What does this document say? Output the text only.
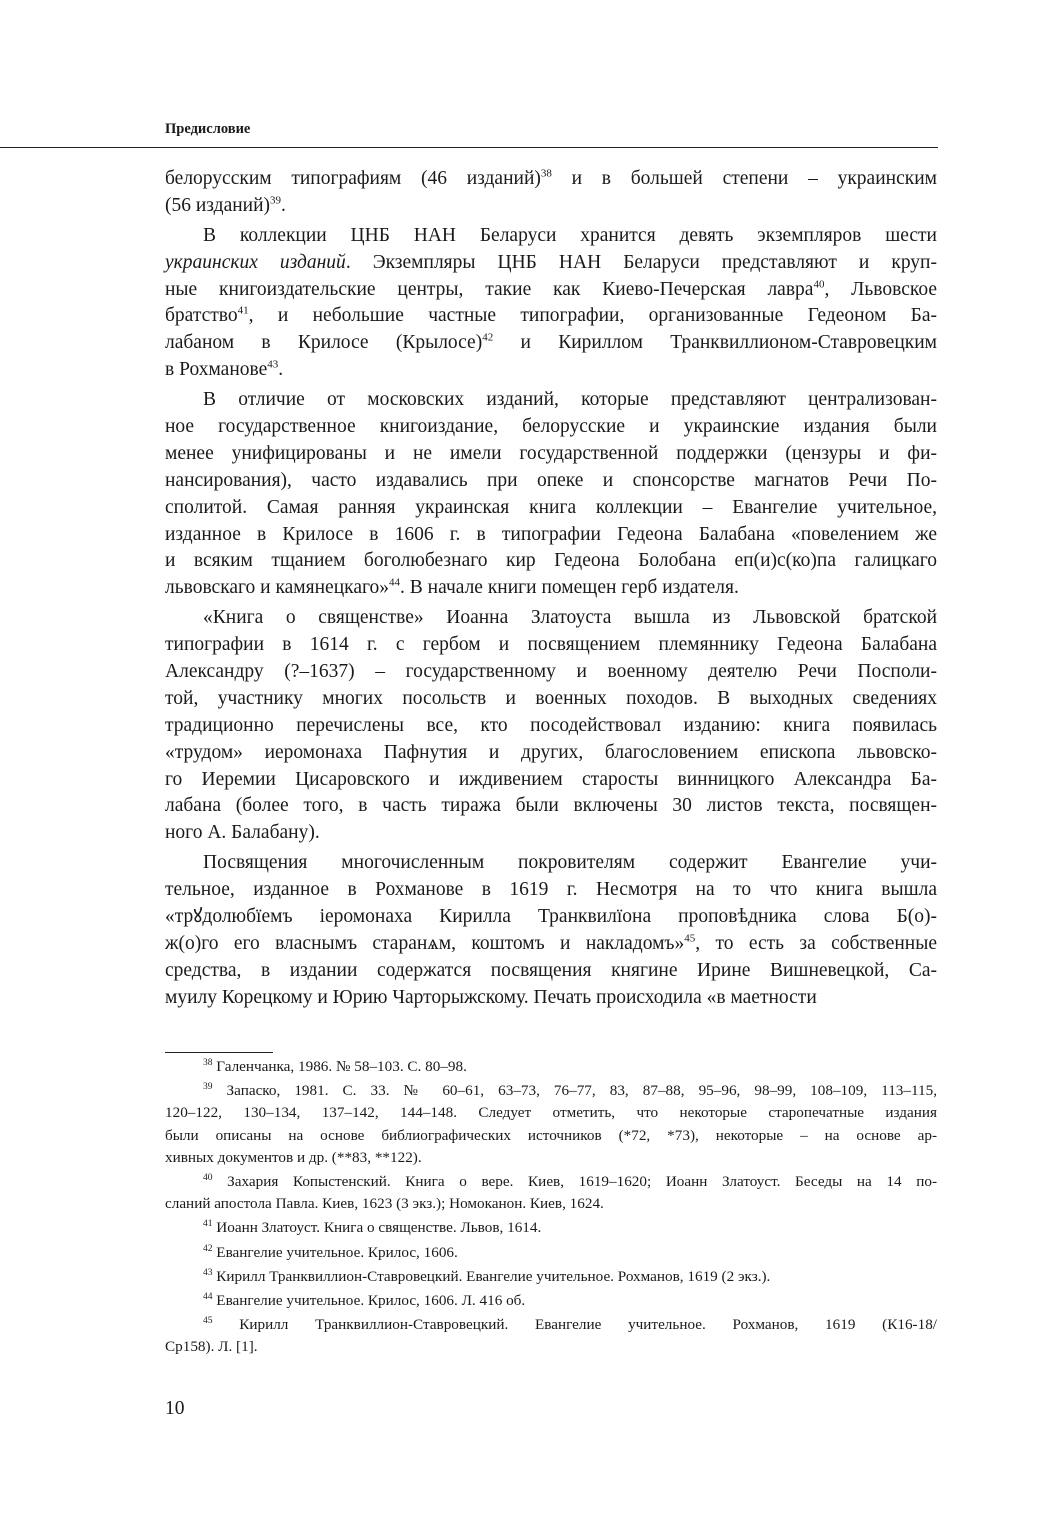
Предисловие
белорусским типографиям (46 изданий)$^{38}$ и в большей степени – украинским
(56 изданий)$^{39}$.
В коллекции ЦНБ НАН Беларуси хранится девять экземпляров шести
украинских изданий. Экземпляры ЦНБ НАН Беларуси представляют и круп-
ные книгоиздательские центры, такие как Киево-Печерская лавра$^{40}$, Львовское
братство$^{41}$, и небольшие частные типографии, организованные Гедеоном Ба-
лабаном в Крилосе (Крылосе)$^{42}$ и Кириллом Транквиллионом-Ставровецким
в Рохманове$^{43}$.
В отличие от московских изданий, которые представляют централизован-
ное государственное книгоиздание, белорусские и украинские издания были
менее унифицированы и не имели государственной поддержки (цензуры и фи-
нансирования), часто издавались при опеке и спонсорстве магнатов Речи По-
сполитой. Самая ранняя украинская книга коллекции – Евангелие учительное,
изданное в Крилосе в 1606 г. в типографии Гедеона Балабана «повелением же
и всяким тщанием боголюбезнаго кир Гедеона Болобана еп(и)с(ко)па галицкаго
львовскаго и камянецкаго»$^{44}$. В начале книги помещен герб издателя.
«Книга о священстве» Иоанна Златоуста вышла из Львовской братской
типографии в 1614 г. с гербом и посвящением племяннику Гедеона Балабана
Александру (?–1637) – государственному и военному деятелю Речи Посполи-
той, участнику многих посольств и военных походов. В выходных сведениях
традиционно перечислены все, кто посодействовал изданию: книга появилась
«трудом» иеромонаха Пафнутия и других, благословением епископа львовско-
го Иеремии Цисаровского и иждивением старосты винницкого Александра Ба-
лабана (более того, в часть тиража были включены 30 листов текста, посвящен-
ного А. Балабану).
Посвящения многочисленным покровителям содержит Евангелие учи-
тельное, изданное в Рохманове в 1619 г. Несмотря на то что книга вышла
«трꙋдолюбїемъ іеромонаха Кирилла Транквилїона проповѣдника слова Б(о)-
ж(о)го его власнымъ старанѧм, коштомъ и накладомъ»$^{45}$, то есть за собственные
средства, в издании содержатся посвящения княгине Ирине Вишневецкой, Са-
муилу Корецкому и Юрию Чарторыжскому. Печать происходила «в маетности
$^{38}$ Галенчанка, 1986. № 58–103. С. 80–98.
$^{39}$ Запаско, 1981. С. 33. № 60–61, 63–73, 76–77, 83, 87–88, 95–96, 98–99, 108–109, 113–115,
120–122, 130–134, 137–142, 144–148. Следует отметить, что некоторые старопечатные издания
были описаны на основе библиографических источников (*72, *73), некоторые – на основе ар-
хивных документов и др. (**83, **122).
$^{40}$ Захария Копыстенский. Книга о вере. Киев, 1619–1620; Иоанн Златоуст. Беседы на 14 по-
сланий апостола Павла. Киев, 1623 (3 экз.); Номоканон. Киев, 1624.
$^{41}$ Иоанн Златоуст. Книга о священстве. Львов, 1614.
$^{42}$ Евангелие учительное. Крилос, 1606.
$^{43}$ Кирилл Транквиллион-Ставровецкий. Евангелие учительное. Рохманов, 1619 (2 экз.).
$^{44}$ Евангелие учительное. Крилос, 1606. Л. 416 об.
$^{45}$ Кирилл Транквиллион-Ставровецкий. Евангелие учительное. Рохманов, 1619 (К16-18/
Ср158). Л. [1].
10
